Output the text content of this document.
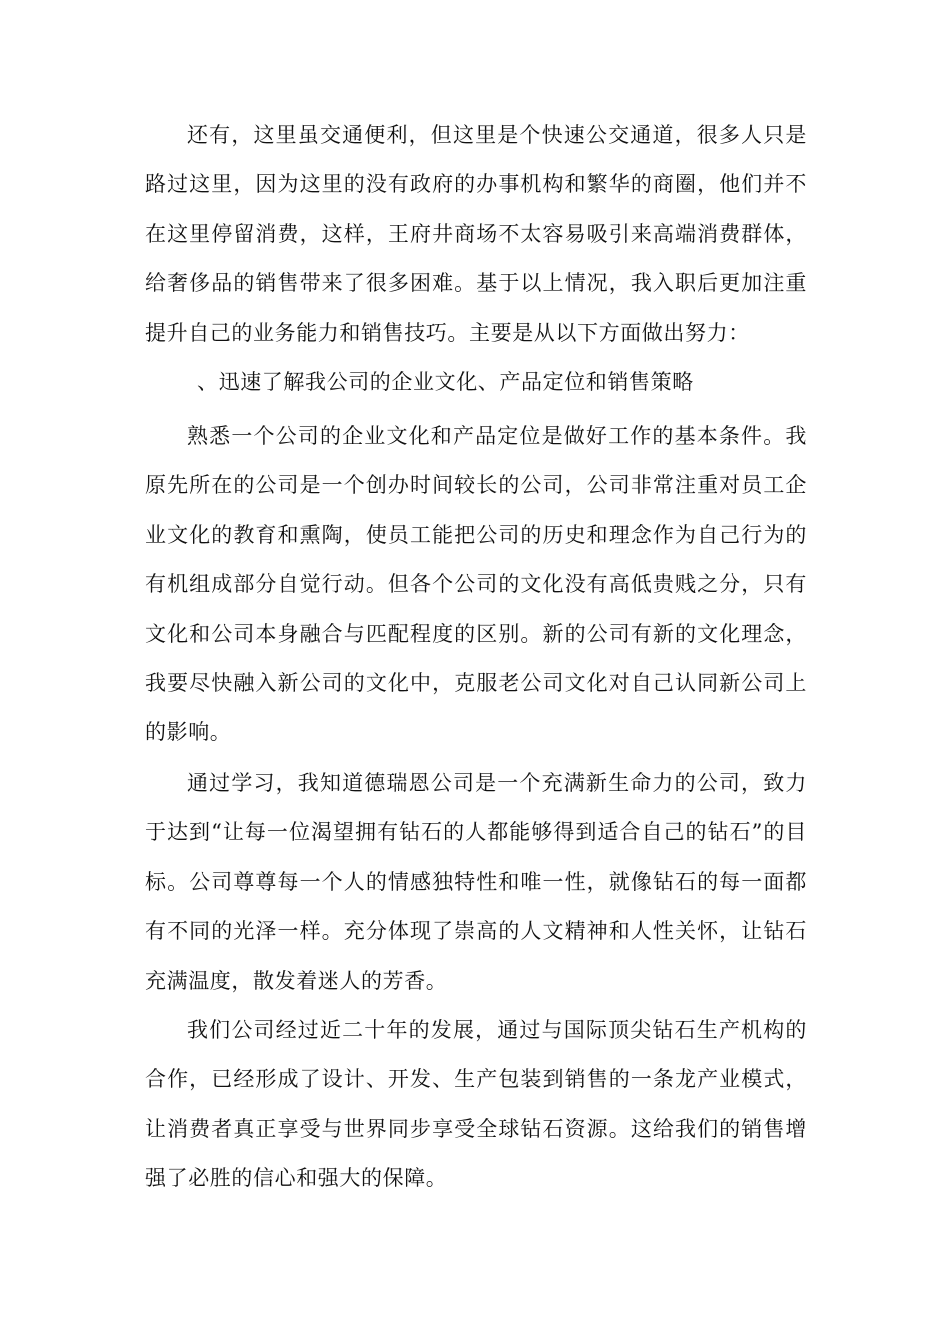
还有，这里虽交通便利，但这里是个快速公交通道，很多人只是路过这里，因为这里的没有政府的办事机构和繁华的商圈，他们并不在这里停留消费，这样，王府井商场不太容易吸引来高端消费群体，给奢侈品的销售带来了很多困难。基于以上情况，我入职后更加注重提升自己的业务能力和销售技巧。主要是从以下方面做出努力：

、迅速了解我公司的企业文化、产品定位和销售策略

熟悉一个公司的企业文化和产品定位是做好工作的基本条件。我原先所在的公司是一个创办时间较长的公司，公司非常注重对员工企业文化的教育和熏陶，使员工能把公司的历史和理念作为自己行为的有机组成部分自觉行动。但各个公司的文化没有高低贵贱之分，只有文化和公司本身融合与匹配程度的区别。新的公司有新的文化理念，我要尽快融入新公司的文化中，克服老公司文化对自己认同新公司上的影响。

通过学习，我知道德瑞恩公司是一个充满新生命力的公司，致力于达到“让每一位渴望拥有钻石的人都能够得到适合自己的钻石”的目标。公司尊尊每一个人的情感独特性和唯一性，就像钻石的每一面都有不同的光泽一样。充分体现了崇高的人文精神和人性关怀，让钻石充满温度，散发着迷人的芳香。

我们公司经过近二十年的发展，通过与国际顶尖钻石生产机构的合作，已经形成了设计、开发、生产包装到销售的一条龙产业模式，让消费者真正享受与世界同步享受全球钻石资源。这给我们的销售增强了必胜的信心和强大的保障。
